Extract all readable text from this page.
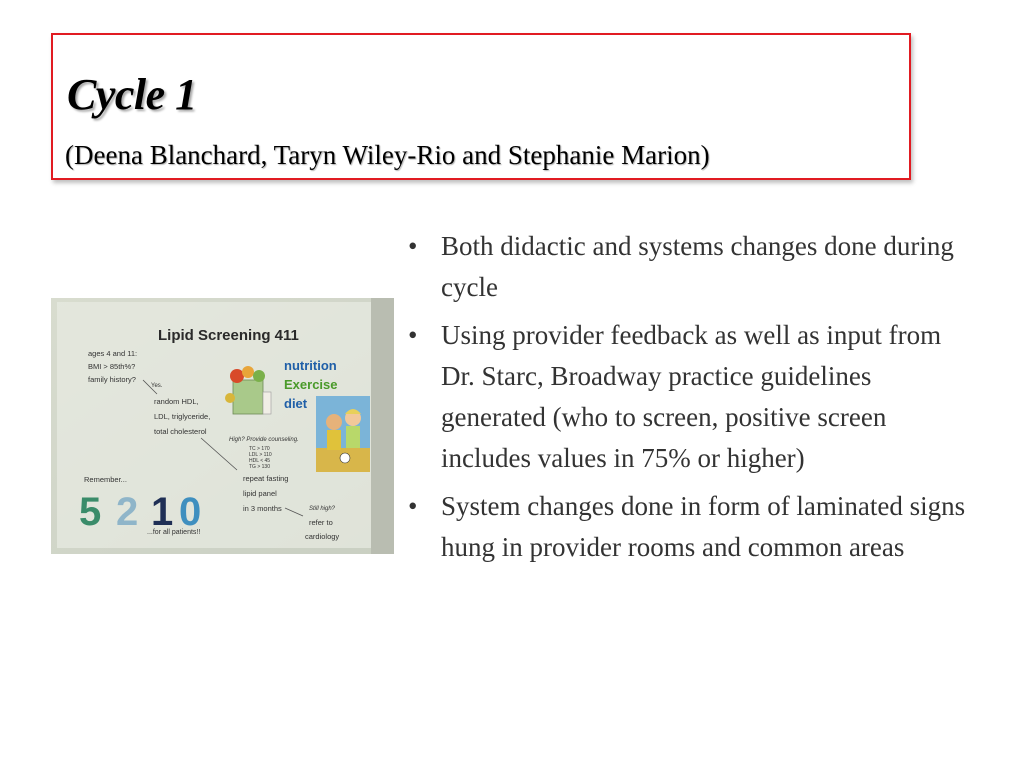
Cycle 1
(Deena Blanchard, Taryn Wiley-Rio and Stephanie Marion)
Lipid Screening 411
ages 4 and 11:
BMI > 85th%?
family history?
Yes.
random HDL,
LDL, triglyceride,
total cholesterol
High? Provide counseling.
TC > 170
LDL > 110
HDL < 45
TG > 130
repeat fasting
lipid panel
in 3 months	Still high?
refer to
cardiology
Remember...
...for all patients!!
5 2 1 0
nutrition
Exercise
diet
• Both didactic and systems changes done during cycle
• Using provider feedback as well as input from Dr. Starc, Broadway practice guidelines generated (who to screen, positive screen includes values in 75% or higher)
• System changes done in form of laminated signs hung in provider rooms and common areas
